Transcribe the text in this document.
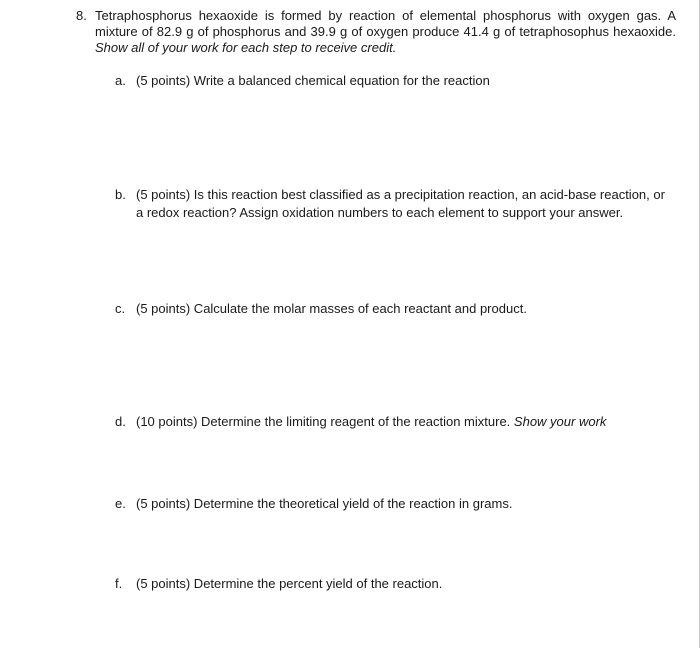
8. Tetraphosphorus hexaoxide is formed by reaction of elemental phosphorus with oxygen gas. A mixture of 82.9 g of phosphorus and 39.9 g of oxygen produce 41.4 g of tetraphosophus hexaoxide. Show all of your work for each step to receive credit.
a. (5 points) Write a balanced chemical equation for the reaction
b. (5 points) Is this reaction best classified as a precipitation reaction, an acid-base reaction, or a redox reaction? Assign oxidation numbers to each element to support your answer.
c. (5 points) Calculate the molar masses of each reactant and product.
d. (10 points) Determine the limiting reagent of the reaction mixture. Show your work
e. (5 points) Determine the theoretical yield of the reaction in grams.
f.	(5 points) Determine the percent yield of the reaction.
